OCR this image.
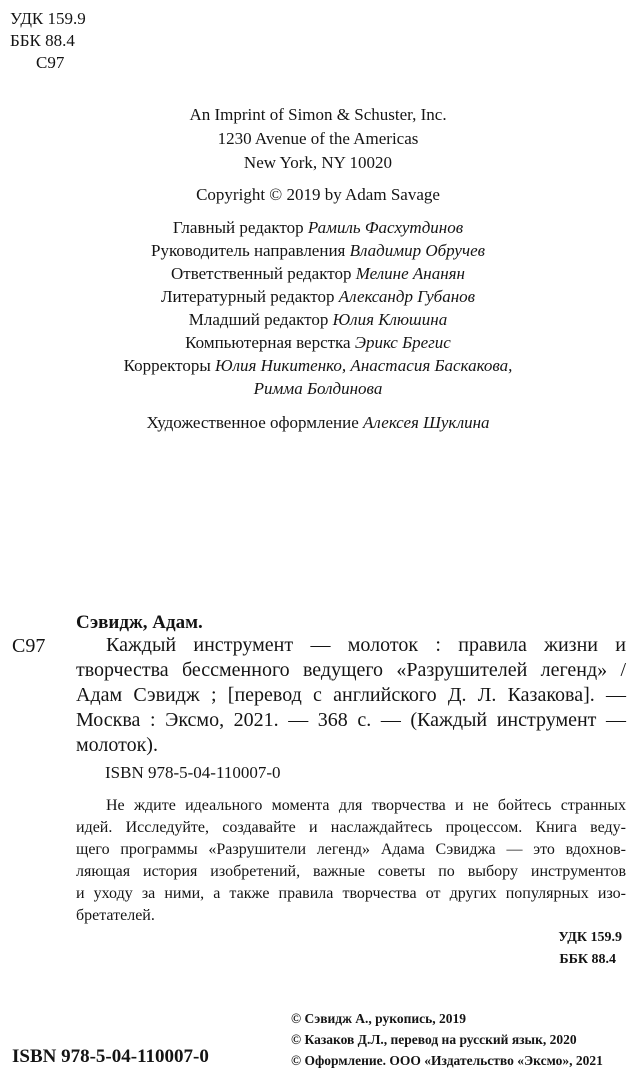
УДК 159.9
ББК 88.4
С97
An Imprint of Simon & Schuster, Inc.
1230 Avenue of the Americas
New York, NY 10020
Copyright © 2019 by Adam Savage
Главный редактор Рамиль Фасхутдинов
Руководитель направления Владимир Обручев
Ответственный редактор Мелине Ананян
Литературный редактор Александр Губанов
Младший редактор Юлия Клюшина
Компьютерная верстка Эрикс Брегис
Корректоры Юлия Никитенко, Анастасия Баскакова,
Римма Болдинова
Художественное оформление Алексея Шуклина
Сэвидж, Адам.
С97	Каждый инструмент — молоток : правила жизни и
творчества бессменного ведущего «Разрушителей легенд» /
Адам Сэвидж ; [перевод с английского Д. Л. Казакова]. —
Москва : Эксмо, 2021. — 368 с. — (Каждый инструмент —
молоток).
ISBN 978-5-04-110007-0
Не ждите идеального момента для творчества и не бойтесь странных
идей. Исследуйте, создавайте и наслаждайтесь процессом. Книга веду-
щего программы «Разрушители легенд» Адама Сэвиджа — это вдохнов-
ляющая история изобретений, важные советы по выбору инструментов
и уходу за ними, а также правила творчества от других популярных изо-
бретателей.
УДК 159.9
ББК 88.4
© Сэвидж А., рукопись, 2019
© Казаков Д.Л., перевод на русский язык, 2020
© Оформление. ООО «Издательство «Эксмо», 2021
ISBN 978-5-04-110007-0
